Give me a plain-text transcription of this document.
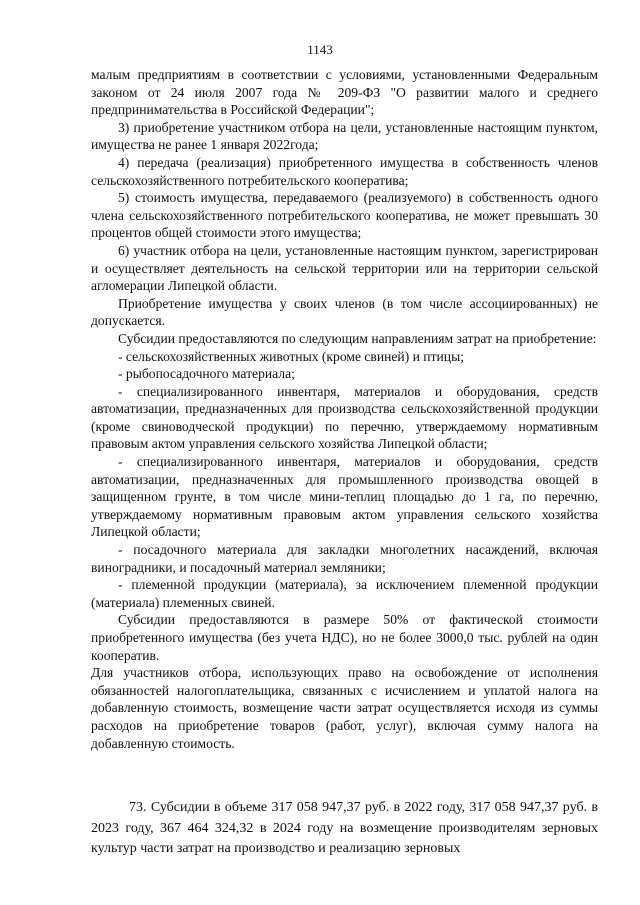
1143

малым предприятиям в соответствии с условиями, установленными Федеральным законом от 24 июля 2007 года № 209-ФЗ "О развитии малого и среднего предпринимательства в Российской Федерации";

3) приобретение участником отбора на цели, установленные настоящим пунктом, имущества не ранее 1 января 2022года;

4) передача (реализация) приобретенного имущества в собственность членов сельскохозяйственного потребительского кооператива;

5) стоимость имущества, передаваемого (реализуемого) в собственность одного члена сельскохозяйственного потребительского кооператива, не может превышать 30 процентов общей стоимости этого имущества;

6) участник отбора на цели, установленные настоящим пунктом, зарегистрирован и осуществляет деятельность на сельской территории или на территории сельской агломерации Липецкой области.

Приобретение имущества у своих членов (в том числе ассоциированных) не допускается.

Субсидии предоставляются по следующим направлениям затрат на приобретение:

- сельскохозяйственных животных (кроме свиней) и птицы;

- рыбопосадочного материала;

- специализированного инвентаря, материалов и оборудования, средств автоматизации, предназначенных для производства сельскохозяйственной продукции (кроме свиноводческой продукции) по перечню, утверждаемому нормативным правовым актом управления сельского хозяйства Липецкой области;

- специализированного инвентаря, материалов и оборудования, средств автоматизации, предназначенных для промышленного производства овощей в защищенном грунте, в том числе мини-теплиц площадью до 1 га, по перечню, утверждаемому нормативным правовым актом управления сельского хозяйства Липецкой области;

- посадочного материала для закладки многолетних насаждений, включая виноградники, и посадочный материал земляники;

- племенной продукции (материала), за исключением племенной продукции (материала) племенных свиней.

Субсидии предоставляются в размере 50% от фактической стоимости приобретенного имущества (без учета НДС), но не более 3000,0 тыс. рублей на один кооператив.

Для участников отбора, использующих право на освобождение от исполнения обязанностей налогоплательщика, связанных с исчислением и уплатой налога на добавленную стоимость, возмещение части затрат осуществляется исходя из суммы расходов на приобретение товаров (работ, услуг), включая сумму налога на добавленную стоимость.

73. Субсидии в объеме 317 058 947,37 руб. в 2022 году, 317 058 947,37 руб. в 2023 году, 367 464 324,32 в 2024 году на возмещение производителям зерновых культур части затрат на производство и реализацию зерновых
